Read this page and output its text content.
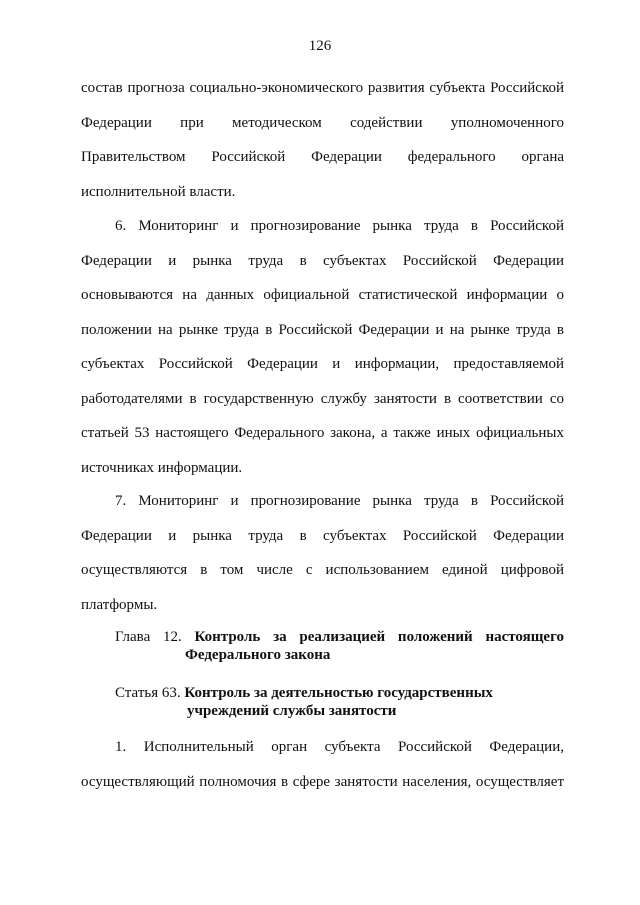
126
состав прогноза социально-экономического развития субъекта Российской
Федерации при методическом содействии уполномоченного
Правительством Российской Федерации федерального органа
исполнительной власти.
6. Мониторинг и прогнозирование рынка труда в Российской
Федерации и рынка труда в субъектах Российской Федерации
основываются на данных официальной статистической информации о
положении на рынке труда в Российской Федерации и на рынке труда в
субъектах Российской Федерации и информации, предоставляемой
работодателями в государственную службу занятости в соответствии со
статьей 53 настоящего Федерального закона, а также иных официальных
источниках информации.
7. Мониторинг и прогнозирование рынка труда в Российской
Федерации и рынка труда в субъектах Российской Федерации
осуществляются в том числе с использованием единой цифровой
платформы.
Глава 12. Контроль за реализацией положений настоящего
Федерального закона
Статья 63. Контроль за деятельностью государственных
учреждений службы занятости
1. Исполнительный орган субъекта Российской Федерации,
осуществляющий полномочия в сфере занятости населения, осуществляет
